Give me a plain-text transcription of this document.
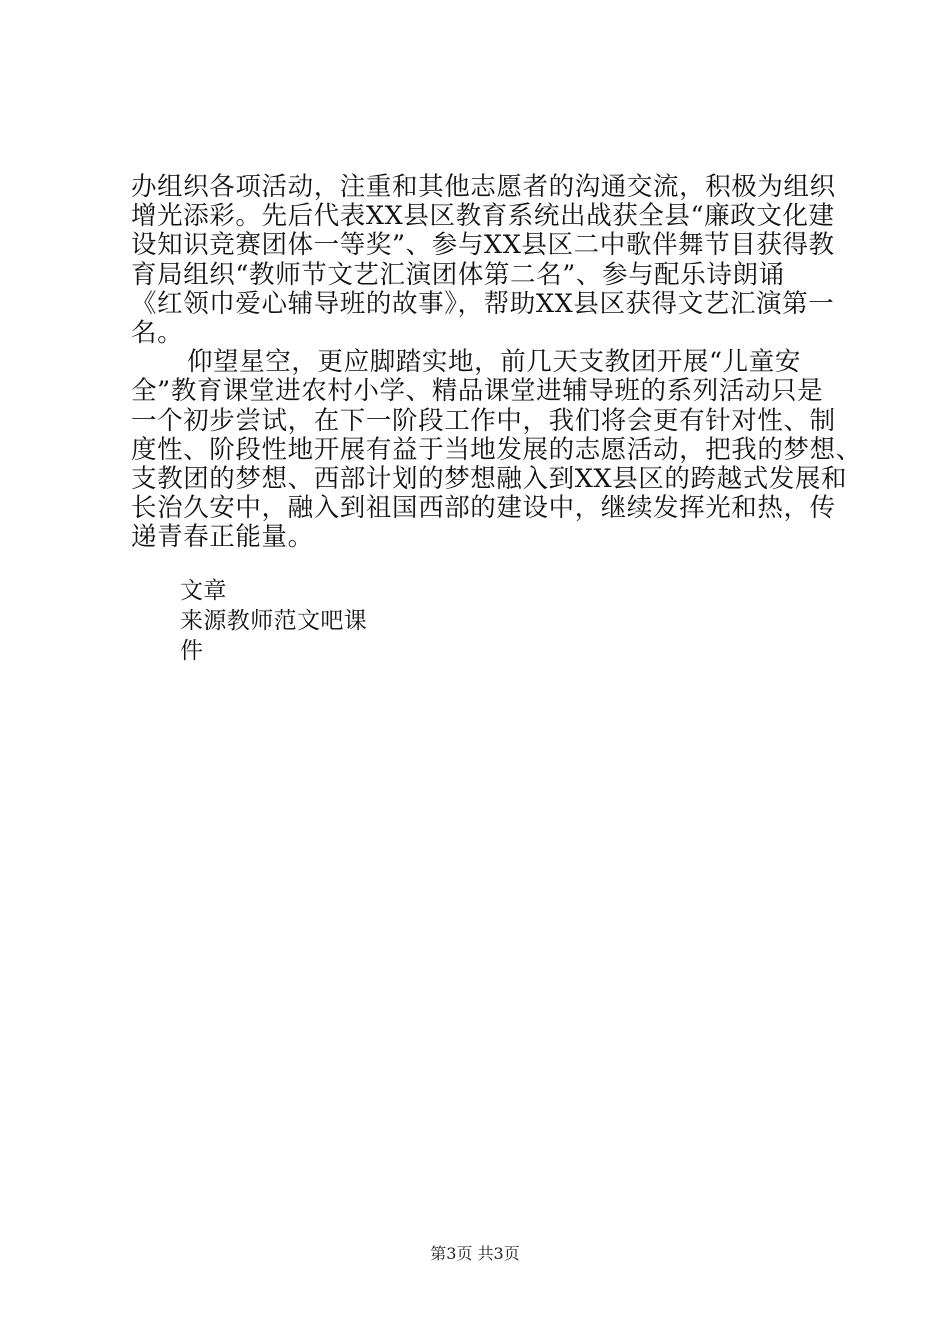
办组织各项活动，注重和其他志愿者的沟通交流，积极为组织
增光添彩。先后代表XX县区教育系统出战获全县“廉政文化建
设知识竞赛团体一等奖”、参与XX县区二中歌伴舞节目获得教
育局组织“教师节文艺汇演团体第二名”、参与配乐诗朗诵
《红领巾爱心辅导班的故事》，帮助XX县区获得文艺汇演第一
名。
仰望星空，更应脚踏实地，前几天支教团开展“儿童安
全”教育课堂进农村小学、精品课堂进辅导班的系列活动只是
一个初步尝试，在下一阶段工作中，我们将会更有针对性、制
度性、阶段性地开展有益于当地发展的志愿活动，把我的梦想、
支教团的梦想、西部计划的梦想融入到XX县区的跨越式发展和
长治久安中，融入到祖国西部的建设中，继续发挥光和热，传
递青春正能量。
文章
来源教师范文吧课
件
第3页 共3页
